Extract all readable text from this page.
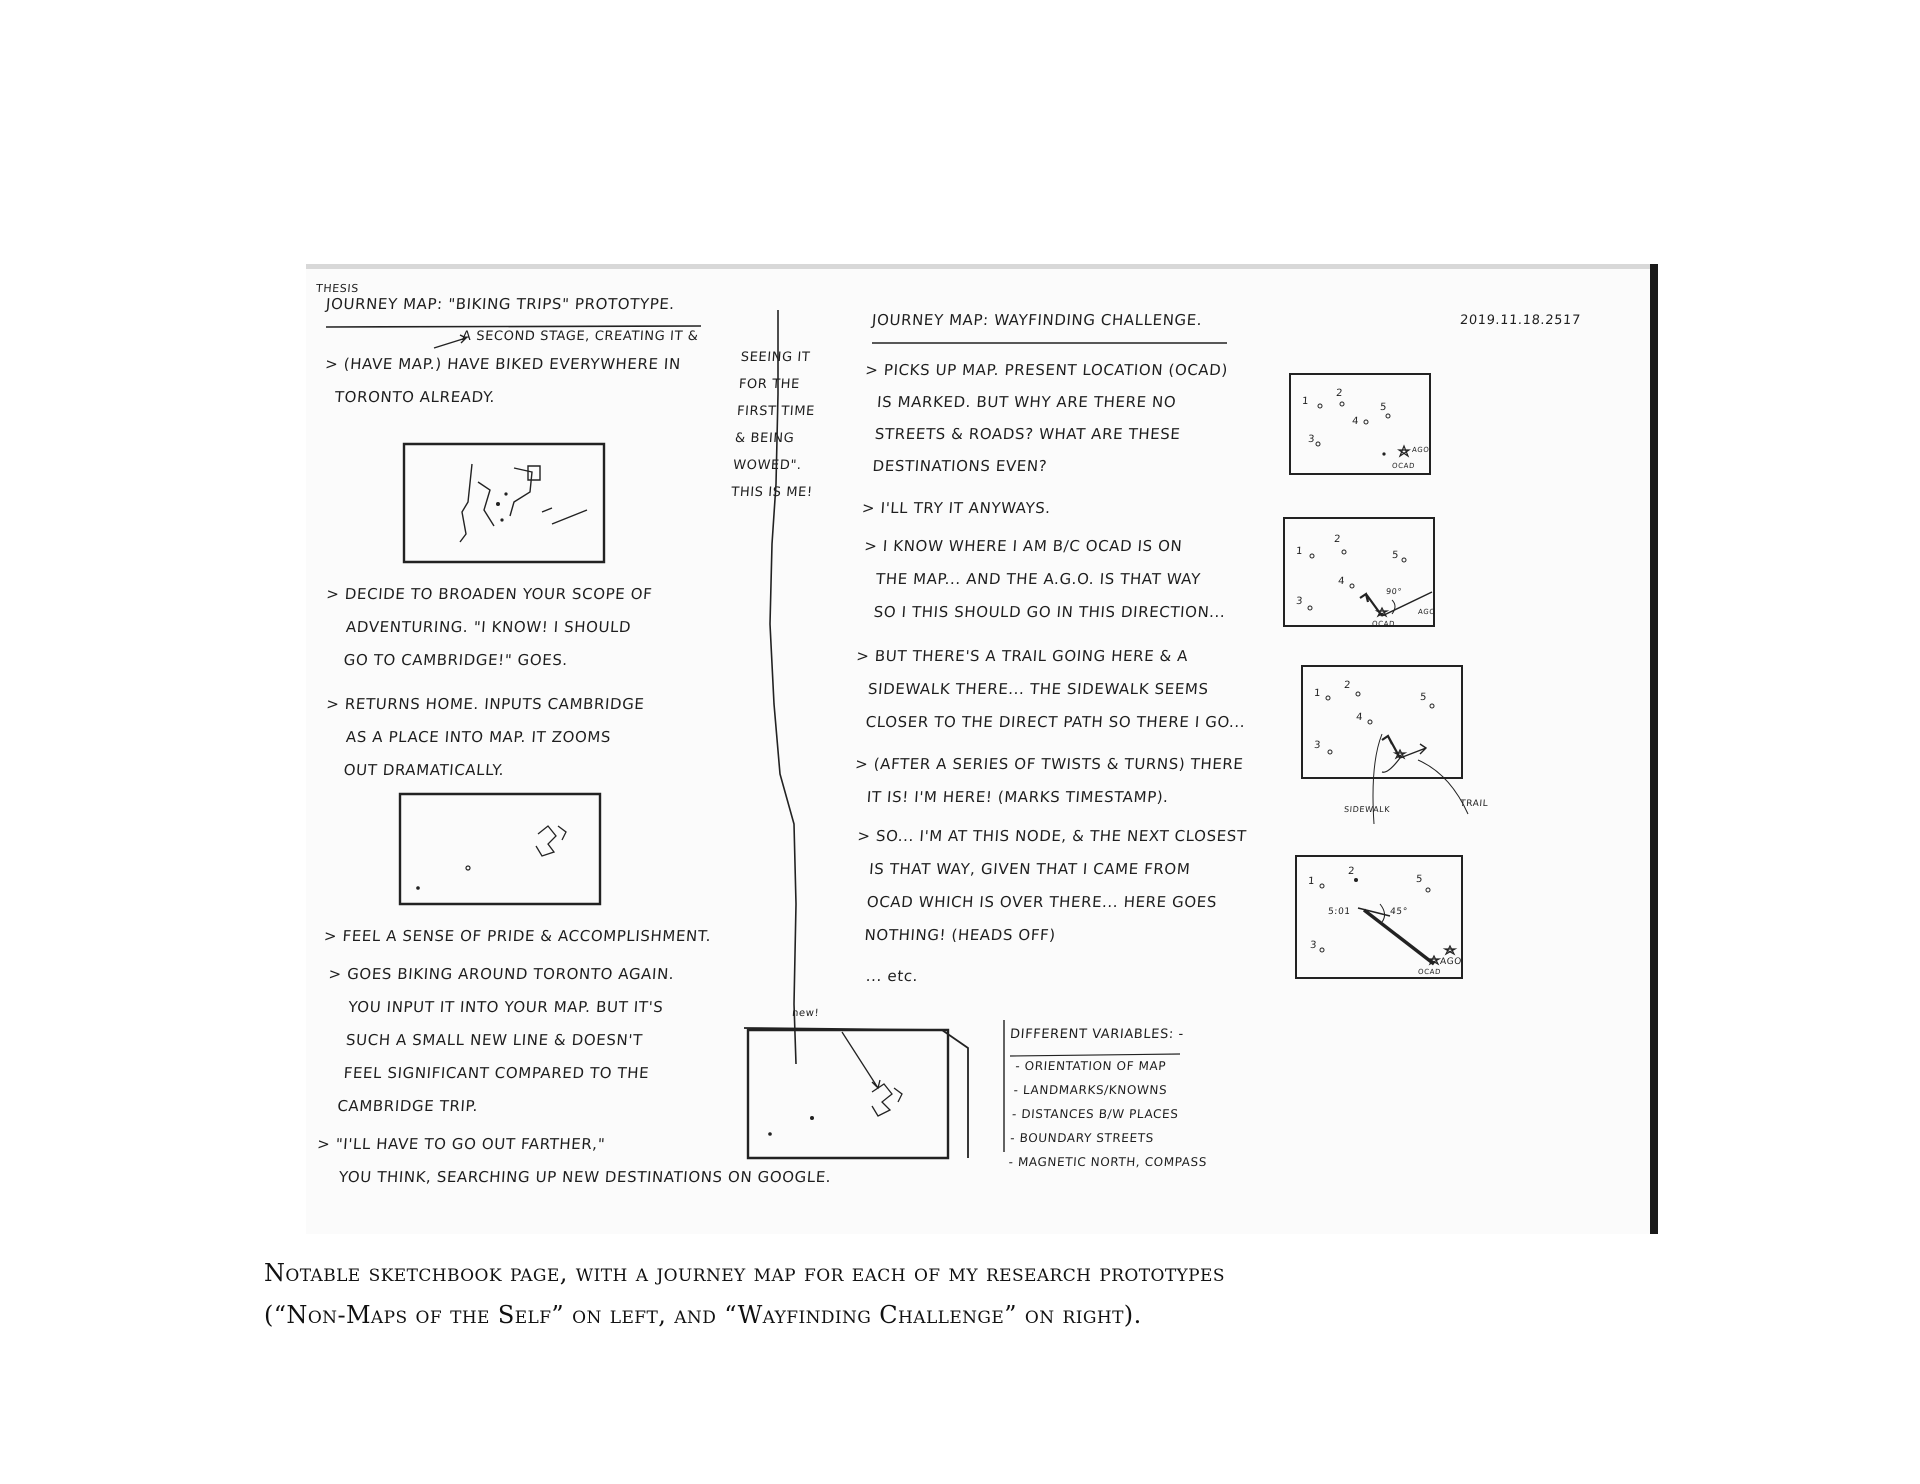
THESIS
JOURNEY MAP: "BIKING TRIPS" PROTOTYPE.
A SECOND STAGE, CREATING IT &
SEEING IT
FOR THE
FIRST TIME
& BEING
WOWED".
THIS IS ME!
> (HAVE MAP.) HAVE BIKED EVERYWHERE IN
TORONTO ALREADY.
> DECIDE TO BROADEN YOUR SCOPE OF
ADVENTURING. "I KNOW! I SHOULD
GO TO CAMBRIDGE!" GOES.
> RETURNS HOME. INPUTS CAMBRIDGE
AS A PLACE INTO MAP. IT ZOOMS
OUT DRAMATICALLY.
> FEEL A SENSE OF PRIDE & ACCOMPLISHMENT.
> GOES BIKING AROUND TORONTO AGAIN.
YOU INPUT IT INTO YOUR MAP. BUT IT'S
SUCH A SMALL NEW LINE & DOESN'T
FEEL SIGNIFICANT COMPARED TO THE
CAMBRIDGE TRIP.
> "I'LL HAVE TO GO OUT FARTHER,"
YOU THINK, SEARCHING UP NEW DESTINATIONS ON GOOGLE.
new!
JOURNEY MAP: WAYFINDING CHALLENGE.	2019.11.18.2517
> PICKS UP MAP. PRESENT LOCATION (OCAD)
IS MARKED. BUT WHY ARE THERE NO
STREETS & ROADS? WHAT ARE THESE
DESTINATIONS EVEN?
> I'LL TRY IT ANYWAYS.
> I KNOW WHERE I AM B/C OCAD IS ON
THE MAP... AND THE A.G.O. IS THAT WAY
SO I THIS SHOULD GO IN THIS DIRECTION...
> BUT THERE'S A TRAIL GOING HERE & A
SIDEWALK THERE... THE SIDEWALK SEEMS
CLOSER TO THE DIRECT PATH SO THERE I GO...
> (AFTER A SERIES OF TWISTS & TURNS) THERE
IT IS! I'M HERE! (MARKS TIMESTAMP).
> SO... I'M AT THIS NODE, & THE NEXT CLOSEST
IS THAT WAY, GIVEN THAT I CAME FROM
OCAD WHICH IS OVER THERE... HERE GOES
NOTHING! (HEADS OFF)
... etc.
DIFFERENT VARIABLES: -
- ORIENTATION OF MAP
- LANDMARKS/KNOWNS
- DISTANCES B/W PLACES
- BOUNDARY STREETS
- MAGNETIC NORTH, COMPASS
1
2
3
4
5
OCAD
AGO
1
2
3
4
5
90°
OCAD
AGO
1
2
3
4
5
SIDEWALK
TRAIL
1
2
3
5
5:01	45°
OCAD
AGO
Notable sketchbook page, with a journey map for each of my research prototypes
(“Non-Maps of the Self” on left, and “Wayfinding Challenge” on right).
